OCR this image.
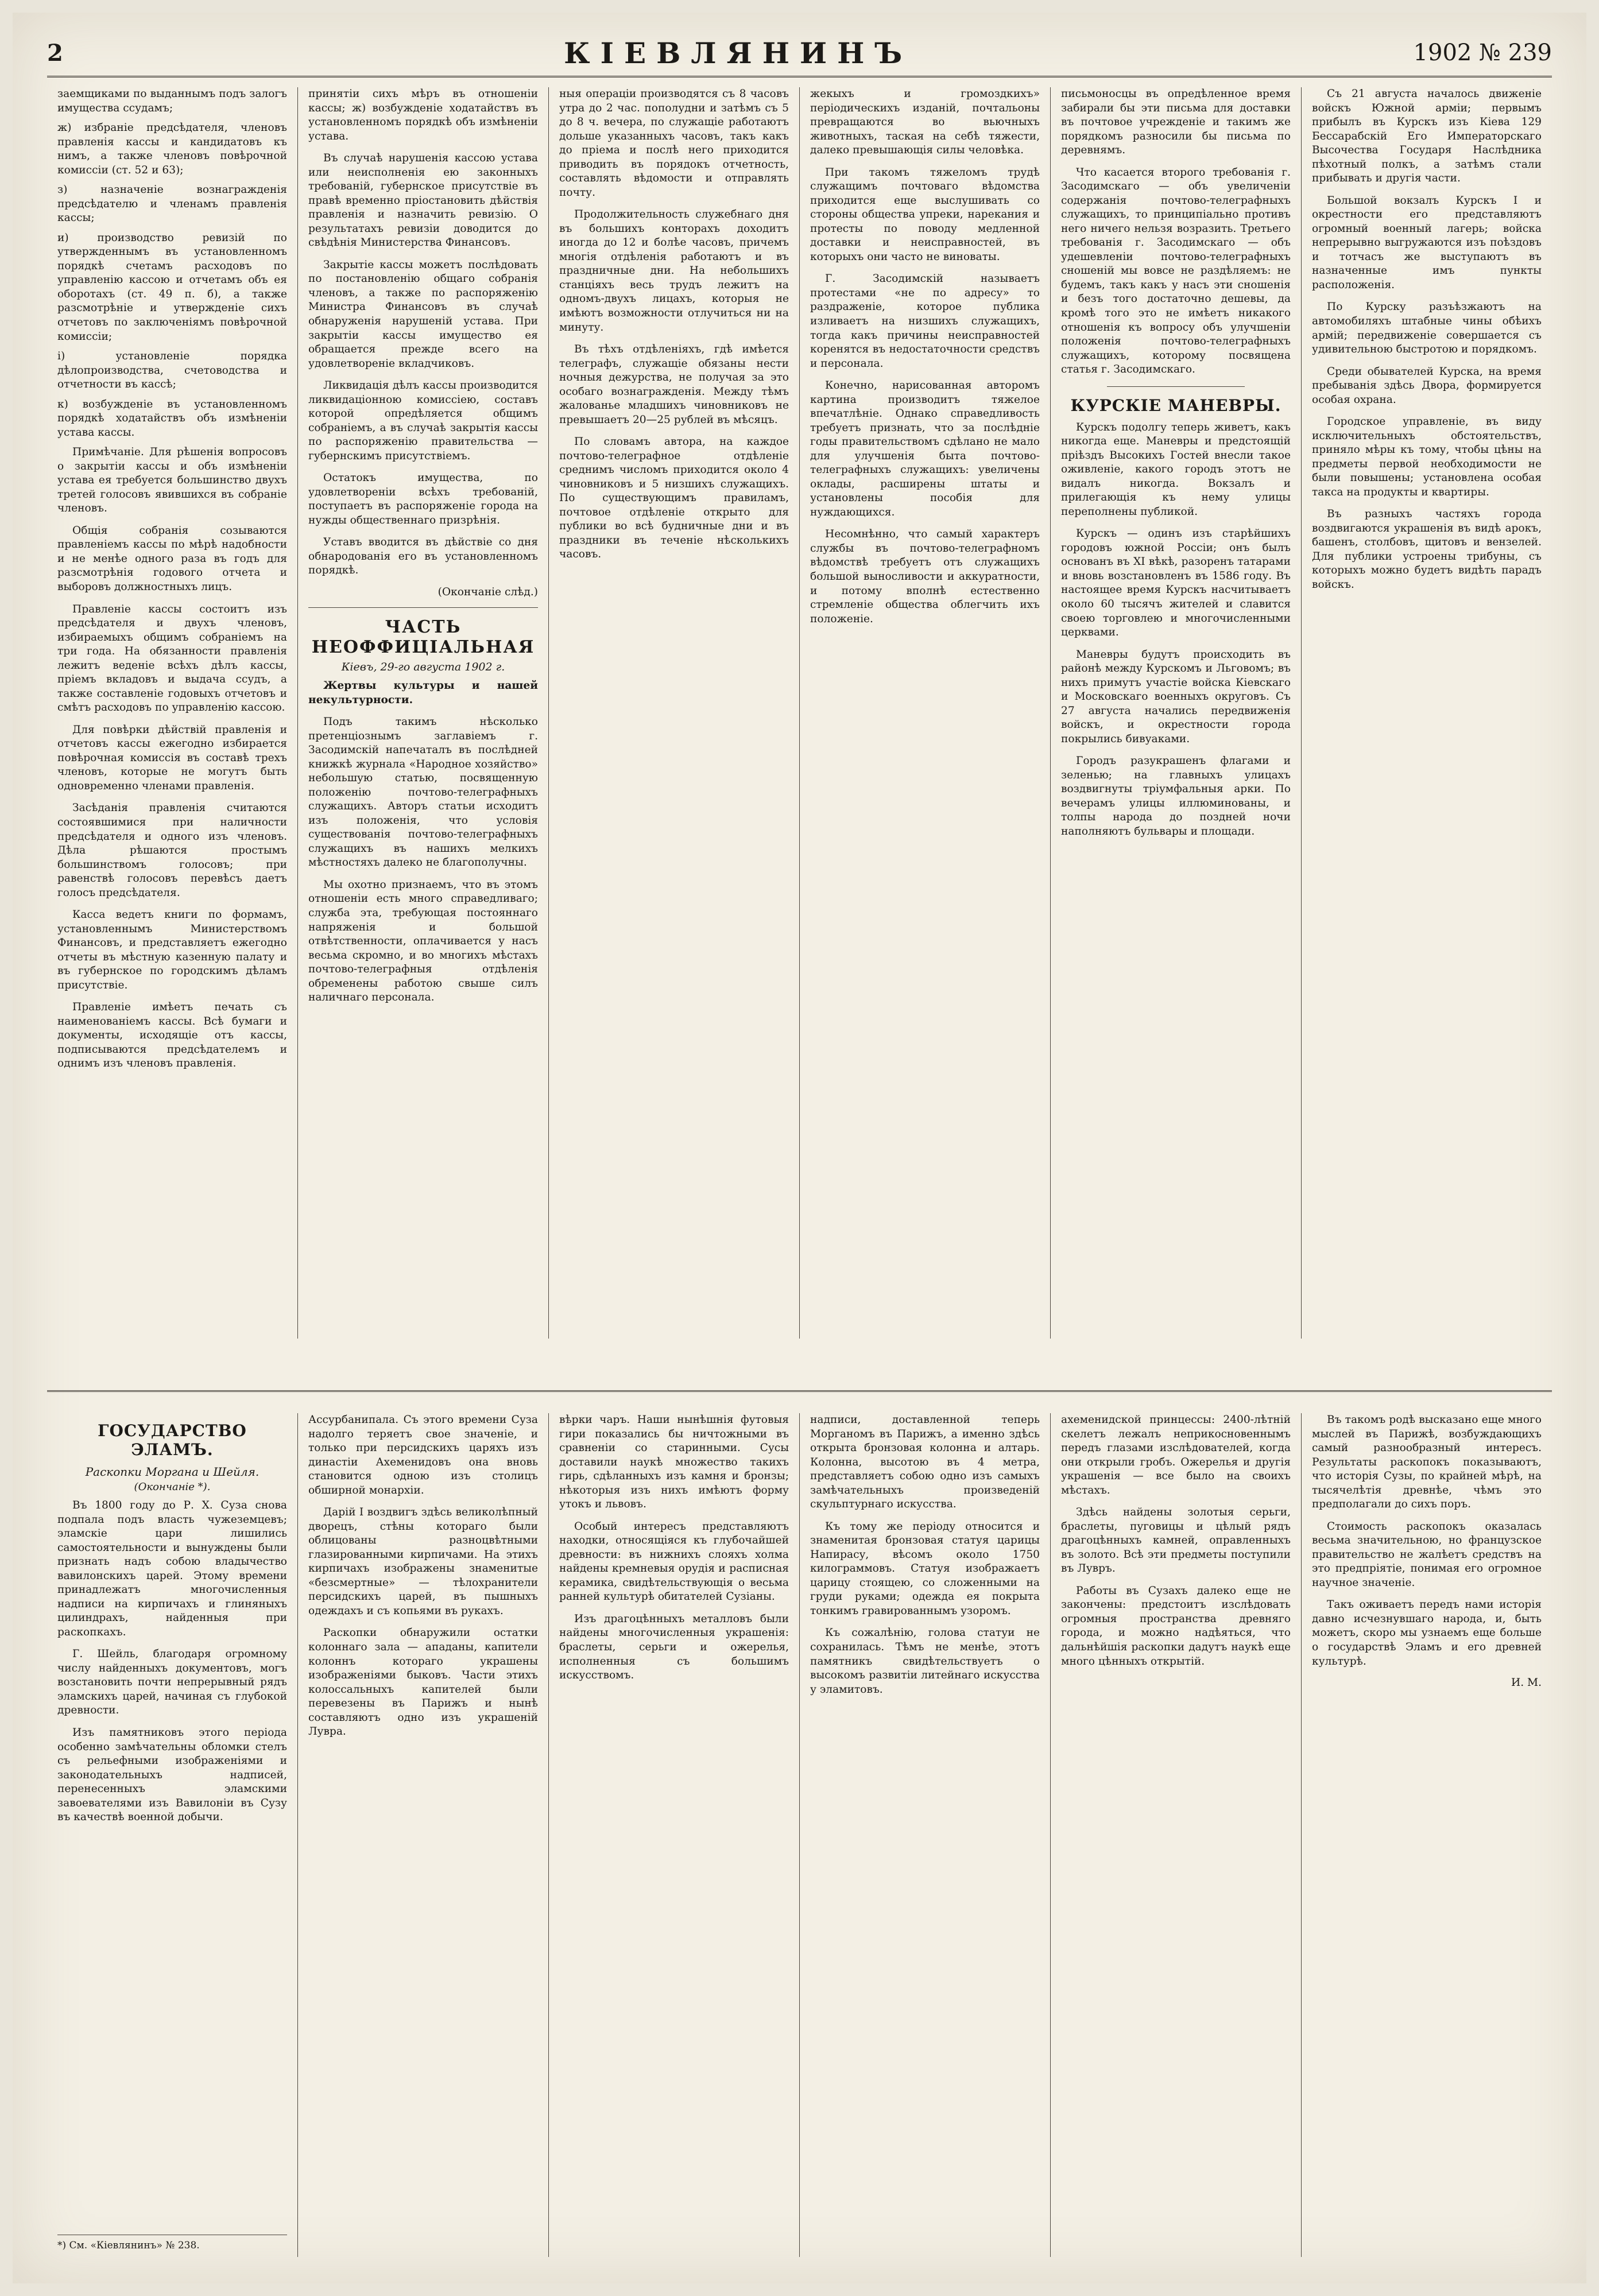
2	КІЕВЛЯНИНЪ	1902 № 239

заемщиками по выданнымъ подъ залогъ имущества ссудамъ;

ж) избраніе предсѣдателя, членовъ правленія кассы и кандидатовъ къ нимъ, а также членовъ повѣрочной комиссіи (ст. 52 и 63);

з) назначеніе вознагражденія предсѣдателю и членамъ правленія кассы;

и) производство ревизій по утвержденнымъ въ установленномъ порядкѣ счетамъ расходовъ по управленію кассою и отчетамъ объ ея оборотахъ (ст. 49 п. б), а также разсмотрѣніе и утвержденіе сихъ отчетовъ по заключеніямъ повѣрочной комиссіи;

і) установленіе порядка дѣлопроизводства, счетоводства и отчетности въ кассѣ;

к) возбужденіе въ установленномъ порядкѣ ходатайствъ объ измѣненіи устава кассы.

Примѣчаніе. Для рѣшенія вопросовъ о закрытіи кассы и объ измѣненіи устава ея требуется большинство двухъ третей голосовъ явившихся въ собраніе членовъ.

Общія собранія созываются правленіемъ кассы по мѣрѣ надобности и не менѣе одного раза въ годъ для разсмотрѣнія годового отчета и выборовъ должностныхъ лицъ.

Правленіе кассы состоитъ изъ предсѣдателя и двухъ членовъ, избираемыхъ общимъ собраніемъ на три года. На обязанности правленія лежитъ веденіе всѣхъ дѣлъ кассы, пріемъ вкладовъ и выдача ссудъ, а также составленіе годовыхъ отчетовъ и смѣтъ расходовъ по управленію кассою.

Для повѣрки дѣйствій правленія и отчетовъ кассы ежегодно избирается повѣрочная комиссія въ составѣ трехъ членовъ, которые не могутъ быть одновременно членами правленія.

Засѣданія правленія считаются состоявшимися при наличности предсѣдателя и одного изъ членовъ. Дѣла рѣшаются простымъ большинствомъ голосовъ; при равенствѣ голосовъ перевѣсъ даетъ голосъ предсѣдателя.

Касса ведетъ книги по формамъ, установленнымъ Министерствомъ Финансовъ, и представляетъ ежегодно отчеты въ мѣстную казенную палату и въ губернское по городскимъ дѣламъ присутствіе.

Правленіе имѣетъ печать съ наименованіемъ кассы. Всѣ бумаги и документы, исходящіе отъ кассы, подписываются предсѣдателемъ и однимъ изъ членовъ правленія.

принятіи сихъ мѣръ въ отношеніи кассы; ж) возбужденіе ходатайствъ въ установленномъ порядкѣ объ измѣненіи устава.

Въ случаѣ нарушенія кассою устава или неисполненія ею законныхъ требованій, губернское присутствіе въ правѣ временно пріостановить дѣйствія правленія и назначить ревизію. О результатахъ ревизіи доводится до свѣдѣнія Министерства Финансовъ.

Закрытіе кассы можетъ послѣдовать по постановленію общаго собранія членовъ, а также по распоряженію Министра Финансовъ въ случаѣ обнаруженія нарушеній устава. При закрытіи кассы имущество ея обращается прежде всего на удовлетвореніе вкладчиковъ.

Ликвидація дѣлъ кассы производится ликвидаціонною комиссіею, составъ которой опредѣляется общимъ собраніемъ, а въ случаѣ закрытія кассы по распоряженію правительства — губернскимъ присутствіемъ.

Остатокъ имущества, по удовлетвореніи всѣхъ требованій, поступаетъ въ распоряженіе города на нужды общественнаго призрѣнія.

Уставъ вводится въ дѣйствіе со дня обнародованія его въ установленномъ порядкѣ.

(Окончаніе слѣд.)

ЧАСТЬ НЕОФФИЦІАЛЬНАЯ
Кіевъ, 29-го августа 1902 г.

Жертвы культуры и нашей некультурности.

Подъ такимъ нѣсколько претенціознымъ заглавіемъ г. Засодимскій напечаталъ въ послѣдней книжкѣ журнала «Народное хозяйство» небольшую статью, посвященную положенію почтово-телеграфныхъ служащихъ. Авторъ статьи исходитъ изъ положенія, что условія существованія почтово-телеграфныхъ служащихъ въ нашихъ мелкихъ мѣстностяхъ далеко не благополучны.

Мы охотно признаемъ, что въ этомъ отношеніи есть много справедливаго; служба эта, требующая постояннаго напряженія и большой отвѣтственности, оплачивается у насъ весьма скромно, и во многихъ мѣстахъ почтово-телеграфныя отдѣленія обременены работою свыше силъ наличнаго персонала.

ныя операціи производятся съ 8 часовъ утра до 2 час. пополудни и затѣмъ съ 5 до 8 ч. вечера, по служащіе работаютъ дольше указанныхъ часовъ, такъ какъ до пріема и послѣ него приходится приводить въ порядокъ отчетность, составлять вѣдомости и отправлять почту.

Продолжительность служебнаго дня въ большихъ конторахъ доходитъ иногда до 12 и болѣе часовъ, причемъ многія отдѣленія работаютъ и въ праздничные дни. На небольшихъ станціяхъ весь трудъ лежитъ на одномъ-двухъ лицахъ, которыя не имѣютъ возможности отлучиться ни на минуту.

Въ тѣхъ отдѣленіяхъ, гдѣ имѣется телеграфъ, служащіе обязаны нести ночныя дежурства, не получая за это особаго вознагражденія. Между тѣмъ жалованье младшихъ чиновниковъ не превышаетъ 20—25 рублей въ мѣсяцъ.

По словамъ автора, на каждое почтово-телеграфное отдѣленіе среднимъ числомъ приходится около 4 чиновниковъ и 5 низшихъ служащихъ. По существующимъ правиламъ, почтовое отдѣленіе открыто для публики во всѣ будничные дни и въ праздники въ теченіе нѣсколькихъ часовъ.

жекыхъ и громоздкихъ» періодическихъ изданій, почтальоны превращаются во вьючныхъ животныхъ, таская на себѣ тяжести, далеко превышающія силы человѣка.

При такомъ тяжеломъ трудѣ служащимъ почтоваго вѣдомства приходится еще выслушивать со стороны общества упреки, нарекания и протесты по поводу медленной доставки и неисправностей, въ которыхъ они часто не виноваты.

Г. Засодимскій называетъ протестами «не по адресу» то раздраженіе, которое публика изливаетъ на низшихъ служащихъ, тогда какъ причины неисправностей коренятся въ недостаточности средствъ и персонала.

Конечно, нарисованная авторомъ картина производитъ тяжелое впечатлѣніе. Однако справедливость требуетъ признать, что за послѣдніе годы правительствомъ сдѣлано не мало для улучшенія быта почтово-телеграфныхъ служащихъ: увеличены оклады, расширены штаты и установлены пособія для нуждающихся.

Несомнѣнно, что самый характеръ службы въ почтово-телеграфномъ вѣдомствѣ требуетъ отъ служащихъ большой выносливости и аккуратности, и потому вполнѣ естественно стремленіе общества облегчить ихъ положеніе.

письмоносцы въ опредѣленное время забирали бы эти письма для доставки въ почтовое учрежденіе и такимъ же порядкомъ разносили бы письма по деревнямъ.

Что касается второго требованія г. Засодимскаго — объ увеличеніи содержанія почтово-телеграфныхъ служащихъ, то принципіально противъ него ничего нельзя возразить. Третьего требованія г. Засодимскаго — объ удешевленіи почтово-телеграфныхъ сношеній мы вовсе не раздѣляемъ: не будемъ, такъ какъ у насъ эти сношенія и безъ того достаточно дешевы, да кромѣ того это не имѣетъ никакого отношенія къ вопросу объ улучшеніи положенія почтово-телеграфныхъ служащихъ, которому посвящена статья г. Засодимскаго.

КУРСКІЕ МАНЕВРЫ.

Курскъ подолгу теперь живетъ, какъ никогда еще. Маневры и предстоящій пріѣздъ Высокихъ Гостей внесли такое оживленіе, какого городъ этотъ не видалъ никогда. Вокзалъ и прилегающія къ нему улицы переполнены публикой.

Курскъ — одинъ изъ старѣйшихъ городовъ южной Россіи; онъ былъ основанъ въ XI вѣкѣ, разоренъ татарами и вновь возстановленъ въ 1586 году. Въ настоящее время Курскъ насчитываетъ около 60 тысячъ жителей и славится своею торговлею и многочисленными церквами.

Маневры будутъ происходить въ районѣ между Курскомъ и Льговомъ; въ нихъ примутъ участіе войска Кіевскаго и Московскаго военныхъ округовъ. Съ 27 августа начались передвиженія войскъ, и окрестности города покрылись бивуаками.

Городъ разукрашенъ флагами и зеленью; на главныхъ улицахъ воздвигнуты тріумфальныя арки. По вечерамъ улицы иллюминованы, и толпы народа до поздней ночи наполняютъ бульвары и площади.

Съ 21 августа началось движеніе войскъ Южной арміи; первымъ прибылъ въ Курскъ изъ Кіева 129 Бессарабскій Его Императорскаго Высочества Государя Наслѣдника пѣхотный полкъ, а затѣмъ стали прибывать и другія части.

Большой вокзалъ Курскъ I и окрестности его представляютъ огромный военный лагерь; войска непрерывно выгружаются изъ поѣздовъ и тотчасъ же выступаютъ въ назначенные имъ пункты расположенія.

По Курску разъѣзжаютъ на автомобиляхъ штабные чины обѣихъ армій; передвиженіе совершается съ удивительною быстротою и порядкомъ.

Среди обывателей Курска, на время пребыванія здѣсь Двора, формируется особая охрана.

Городское управленіе, въ виду исключительныхъ обстоятельствъ, приняло мѣры къ тому, чтобы цѣны на предметы первой необходимости не были повышены; установлена особая такса на продукты и квартиры.

Въ разныхъ частяхъ города воздвигаются украшенія въ видѣ арокъ, башенъ, столбовъ, щитовъ и вензелей. Для публики устроены трибуны, съ которыхъ можно будетъ видѣть парадъ войскъ.

ГОСУДАРСТВО ЭЛАМЪ.
Раскопки Моргана и Шейля.
(Окончаніе *).

Въ 1800 году до Р. Х. Суза снова подпала подъ власть чужеземцевъ; эламскіе цари лишились самостоятельности и вынуждены были признать надъ собою владычество вавилонскихъ царей. Этому времени принадлежатъ многочисленныя надписи на кирпичахъ и глиняныхъ цилиндрахъ, найденныя при раскопкахъ.

Г. Шейль, благодаря огромному числу найденныхъ документовъ, могъ возстановить почти непрерывный рядъ эламскихъ царей, начиная съ глубокой древности.

Изъ памятниковъ этого періода особенно замѣчательны обломки стелъ съ рельефными изображеніями и законодательныхъ надписей, перенесенныхъ эламскими завоевателями изъ Вавилоніи въ Сузу въ качествѣ военной добычи.

*) См. «Кіевлянинъ» № 238.

Ассурбанипала. Съ этого времени Суза надолго теряетъ свое значеніе, и только при персидскихъ царяхъ изъ династіи Ахеменидовъ она вновь становится одною изъ столицъ обширной монархіи.

Дарій I воздвигъ здѣсь великолѣпный дворецъ, стѣны котораго были облицованы разноцвѣтными глазированными кирпичами. На этихъ кирпичахъ изображены знаменитые «безсмертные» — тѣлохранители персидскихъ царей, въ пышныхъ одеждахъ и съ копьями въ рукахъ.

Раскопки обнаружили остатки колоннаго зала — ападаны, капители колоннъ котораго украшены изображеніями быковъ. Части этихъ колоссальныхъ капителей были перевезены въ Парижъ и нынѣ составляютъ одно изъ украшеній Лувра.

вѣрки чаръ. Наши нынѣшнія футовыя гири показались бы ничтожными въ сравненіи со старинными. Сусы доставили наукѣ множество такихъ гирь, сдѣланныхъ изъ камня и бронзы; нѣкоторыя изъ нихъ имѣютъ форму утокъ и львовъ.

Особый интересъ представляютъ находки, относящіяся къ глубочайшей древности: въ нижнихъ слояхъ холма найдены кремневыя орудія и расписная керамика, свидѣтельствующія о весьма ранней культурѣ обитателей Сузіаны.

Изъ драгоцѣнныхъ металловъ были найдены многочисленныя украшенія: браслеты, серьги и ожерелья, исполненныя съ большимъ искусствомъ.

надписи, доставленной теперь Морганомъ въ Парижъ, а именно здѣсь открыта бронзовая колонна и алтарь. Колонна, высотою въ 4 метра, представляетъ собою одно изъ самыхъ замѣчательныхъ произведеній скульптурнаго искусства.

Къ тому же періоду относится и знаменитая бронзовая статуя царицы Напирасу, вѣсомъ около 1750 килограммовъ. Статуя изображаетъ царицу стоящею, со сложенными на груди руками; одежда ея покрыта тонкимъ гравированнымъ узоромъ.

Къ сожалѣнію, голова статуи не сохранилась. Тѣмъ не менѣе, этотъ памятникъ свидѣтельствуетъ о высокомъ развитіи литейнаго искусства у эламитовъ.

ахеменидской принцессы: 2400-лѣтній скелетъ лежалъ неприкосновеннымъ передъ глазами изслѣдователей, когда они открыли гробъ. Ожерелья и другія украшенія — все было на своихъ мѣстахъ.

Здѣсь найдены золотыя серьги, браслеты, пуговицы и цѣлый рядъ драгоцѣнныхъ камней, оправленныхъ въ золото. Всѣ эти предметы поступили въ Лувръ.

Работы въ Сузахъ далеко еще не закончены: предстоитъ изслѣдовать огромныя пространства древняго города, и можно надѣяться, что дальнѣйшія раскопки дадутъ наукѣ еще много цѣнныхъ открытій.

Въ такомъ родѣ высказано еще много мыслей въ Парижѣ, возбуждающихъ самый разнообразный интересъ. Результаты раскопокъ показываютъ, что исторія Сузы, по крайней мѣрѣ, на тысячелѣтія древнѣе, чѣмъ это предполагали до сихъ поръ.

Стоимость раскопокъ оказалась весьма значительною, но французское правительство не жалѣетъ средствъ на это предпріятіе, понимая его огромное научное значеніе.

Такъ оживаетъ передъ нами исторія давно исчезнувшаго народа, и, быть можетъ, скоро мы узнаемъ еще больше о государствѣ Эламъ и его древней культурѣ.

И. М.
